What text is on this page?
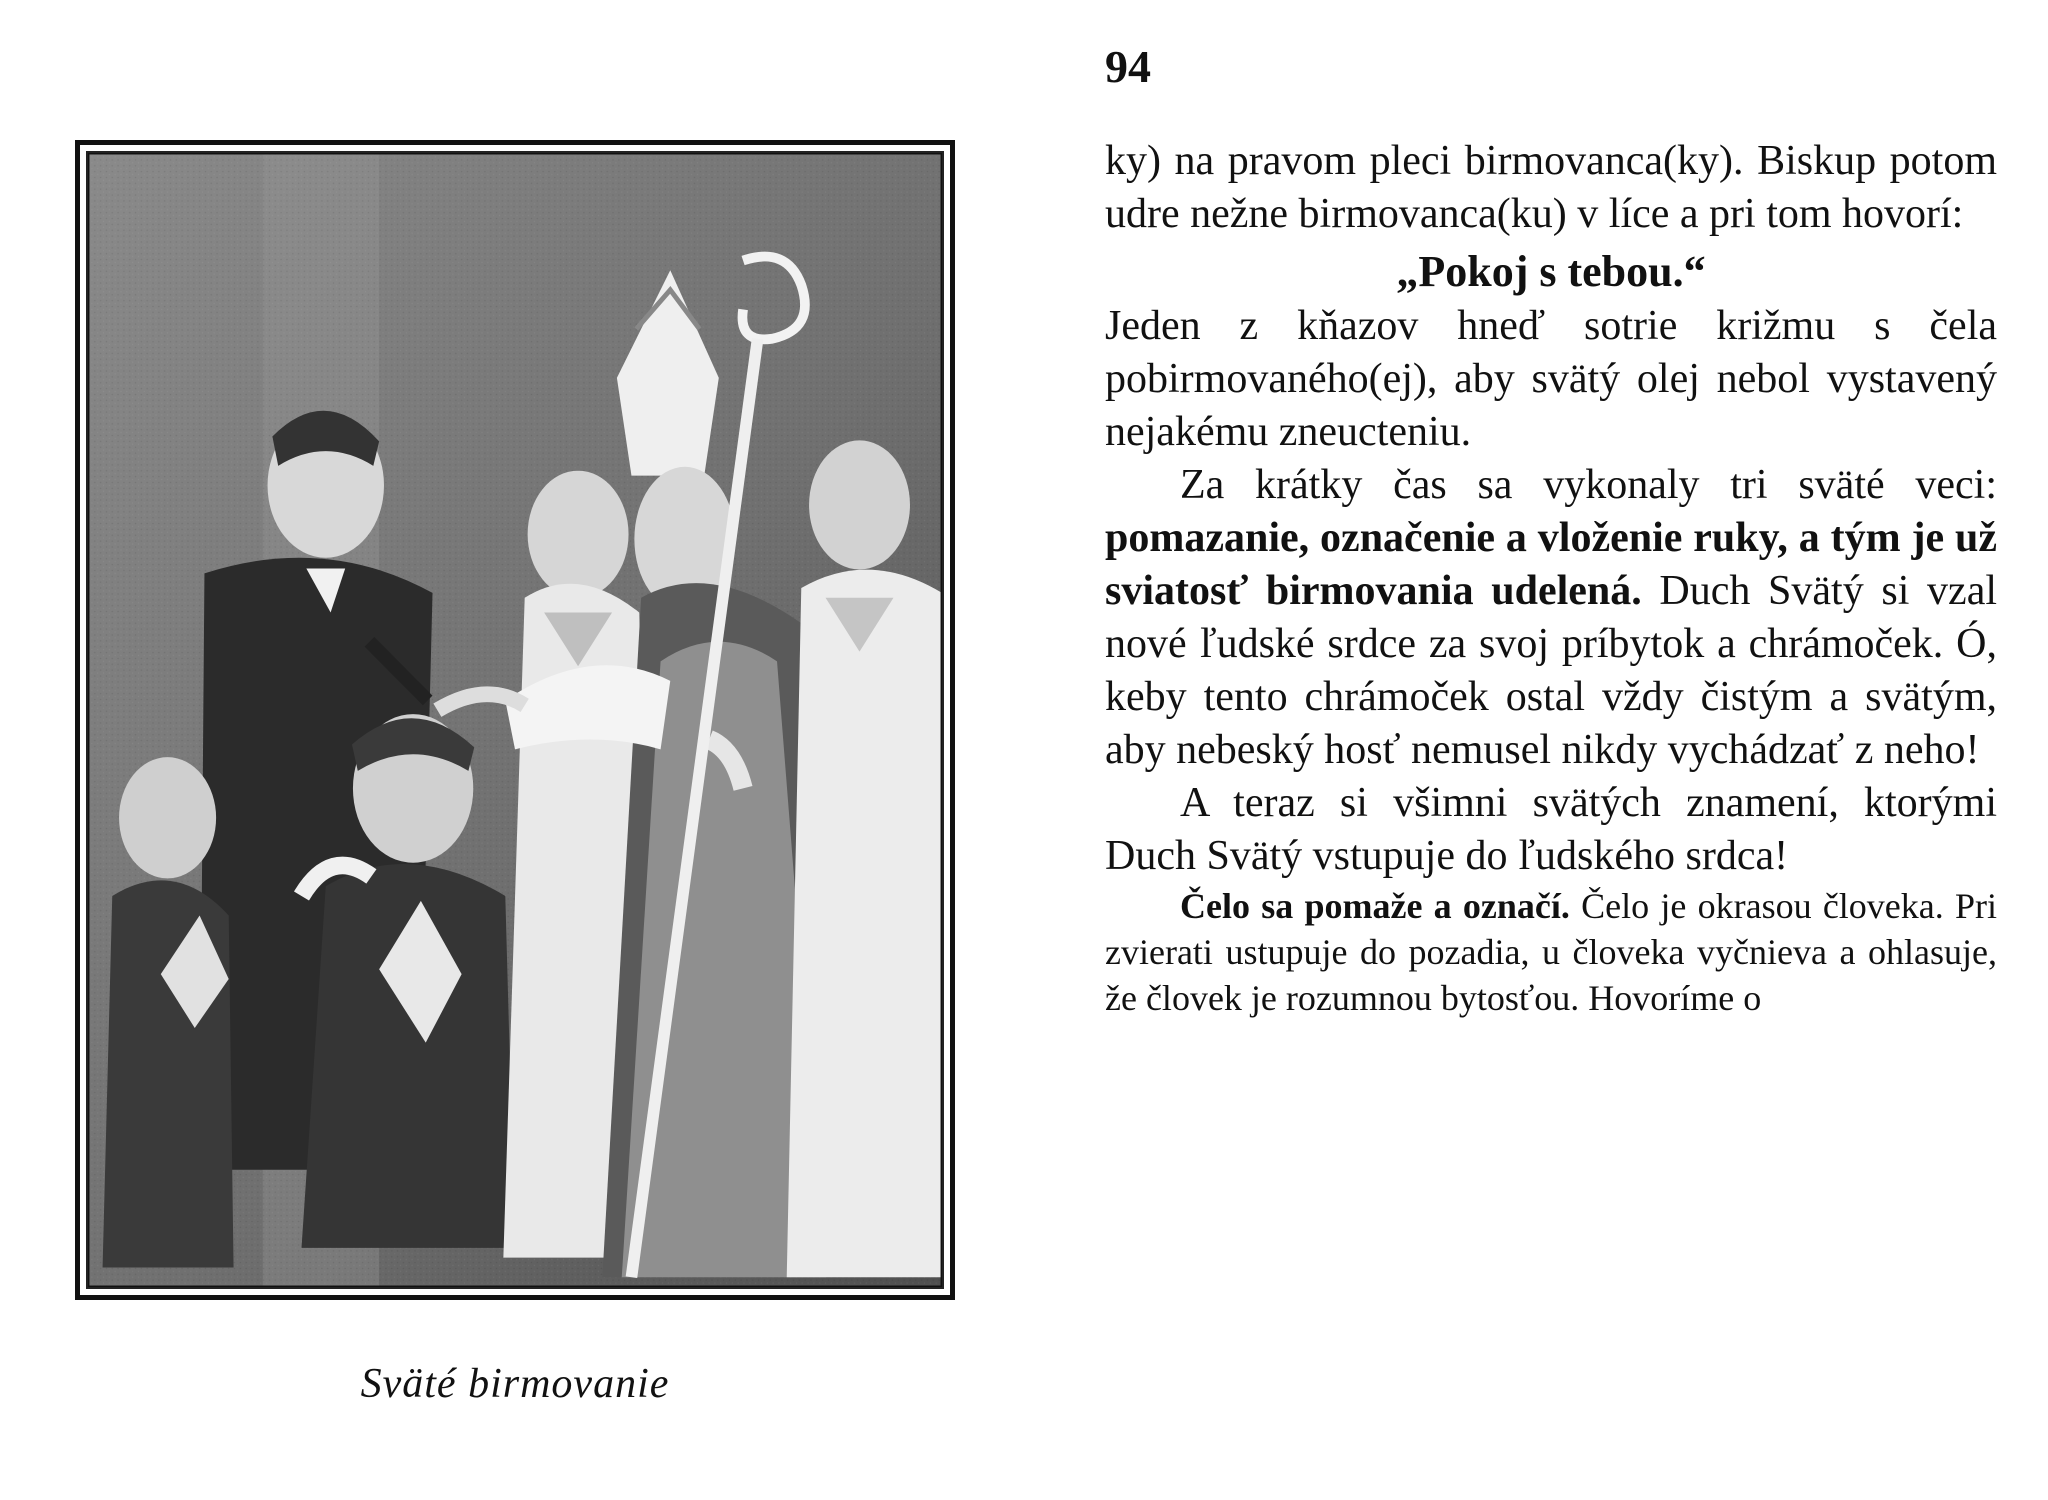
Sväté birmovanie
94

ky) na pravom pleci birmovanca(ky). Biskup potom udre nežne birmovanca(ku) v líce a pri tom hovorí:

„Pokoj s tebou.“

Jeden z kňazov hneď sotrie križmu s čela pobirmovaného(ej), aby svätý olej nebol vystavený nejakému zneucteniu.

Za krátky čas sa vykonaly tri sväté veci: pomazanie, označenie a vloženie ruky, a tým je už sviatosť birmovania udelená. Duch Svätý si vzal nové ľudské srdce za svoj príbytok a chrámoček. Ó, keby tento chrámoček ostal vždy čistým a svätým, aby nebeský hosť nemusel nikdy vychádzať z neho!

A teraz si všimni svätých znamení, ktorými Duch Svätý vstupuje do ľudského srdca!

Čelo sa pomaže a označí. Čelo je okrasou človeka. Pri zvierati ustupuje do pozadia, u človeka vyčnieva a ohlasuje, že človek je rozumnou bytosťou. Hovoríme o
